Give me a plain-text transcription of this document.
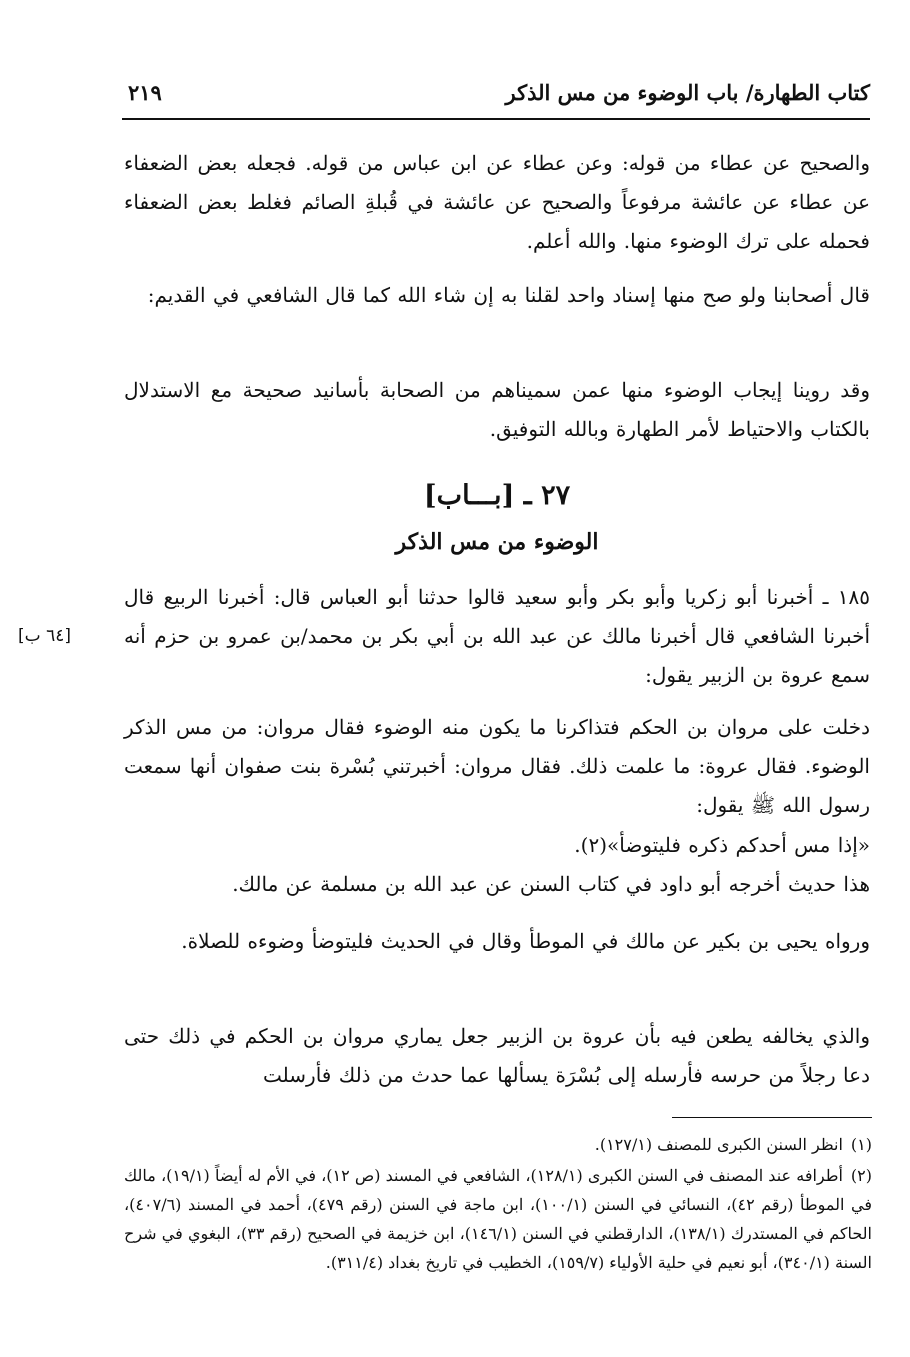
كتاب الطهارة/ باب الوضوء من مس الذكر
٢١٩

والصحيح عن عطاء من قوله: وعن عطاء عن ابن عباس من قوله. فجعله بعض الضعفاء عن عطاء عن عائشة مرفوعاً والصحيح عن عائشة في قُبلةِ الصائم فغلط بعض الضعفاء فحمله على ترك الوضوء منها. والله أعلم.

قال أصحابنا ولو صح منها إسناد واحد لقلنا به إن شاء الله كما قال الشافعي في القديم:

وقد روينا إيجاب الوضوء منها عمن سميناهم من الصحابة بأسانيد صحيحة مع الاستدلال بالكتاب والاحتياط لأمر الطهارة وبالله التوفيق.

٢٧ ـ [بـــاب]
الوضوء من مس الذكر

١٨٥ ـ أخبرنا أبو زكريا وأبو بكر وأبو سعيد قالوا حدثنا أبو العباس قال: أخبرنا الربيع قال أخبرنا الشافعي قال أخبرنا مالك عن عبد الله بن أبي بكر بن محمد/بن عمرو بن حزم أنه سمع عروة بن الزبير يقول:

[٦٤ ب]

دخلت على مروان بن الحكم فتذاكرنا ما يكون منه الوضوء فقال مروان: من مس الذكر الوضوء. فقال عروة: ما علمت ذلك. فقال مروان: أخبرتني بُسْرة بنت صفوان أنها سمعت رسول الله ﷺ يقول:

«إذا مس أحدكم ذكره فليتوضأ»(٢).

هذا حديث أخرجه أبو داود في كتاب السنن عن عبد الله بن مسلمة عن مالك.

ورواه يحيى بن بكير عن مالك في الموطأ وقال في الحديث فليتوضأ وضوءه للصلاة.

والذي يخالفه يطعن فيه بأن عروة بن الزبير جعل يماري مروان بن الحكم في ذلك حتى دعا رجلاً من حرسه فأرسله إلى بُسْرَة يسألها عما حدث من ذلك فأرسلت

(١)انظر السنن الكبرى للمصنف (١٢٧/١).

(٢)أطرافه عند المصنف في السنن الكبرى (١٢٨/١)، الشافعي في المسند (ص ١٢)، في الأم له أيضاً (١٩/١)، مالك في الموطأ (رقم ٤٢)، النسائي في السنن (١٠٠/١)، ابن ماجة في السنن (رقم ٤٧٩)، أحمد في المسند (٤٠٧/٦)، الحاكم في المستدرك (١٣٨/١)، الدارقطني في السنن (١٤٦/١)، ابن خزيمة في الصحيح (رقم ٣٣)، البغوي في شرح السنة (٣٤٠/١)، أبو نعيم في حلية الأولياء (١٥٩/٧)، الخطيب في تاريخ بغداد (٣١١/٤).
